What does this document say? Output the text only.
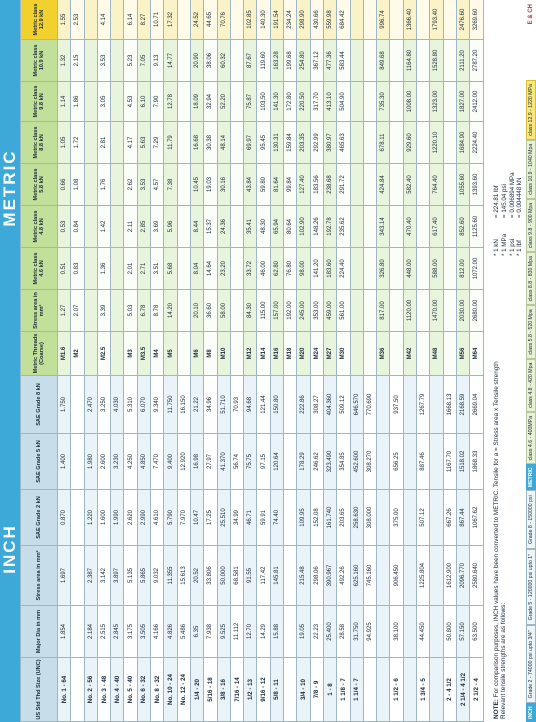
INCH
METRIC
US Std Thd Size (UNC)	Major Dia in mm	Stress area in mm²	SAE Grade 2 kN	SAE Grade 5 kN	SAE Grade 8 kN	Metric Threads (Coarse)	Stress area in mm²	Metric class 4.6 kN	Metric class 4.8 kN	Metric class 5.8 kN	Metric class 8.8 kN	Metric class 9.8 kN	Metric class 10.9 kN	Metric class 12.9 kN
No. 1 - 64	1.854	1.697	0.870	1.400	1.750	M1.6	1.27	0.51	0.53	0.66	1.05	1.14	1.32	1.55
						M2	2.07	0.83	0.84	1.08	1.72	1.86	2.15	2.53
No. 2 - 56	2.184	2.387	1.220	1.980	2.470									
No. 3 - 48	2.515	3.142	1.600	2.600	3.250	M2.5	3.39	1.36	1.42	1.76	2.81	3.05	3.53	4.14
No. 4 - 40	2.845	3.897	1.990	3.230	4.030									
No. 5 - 40	3.175	5.135	2.620	4.250	5.310	M3	5.03	2.01	2.11	2.62	4.17	4.53	5.23	6.14
No. 6 - 32	3.505	5.865	2.990	4.850	6.070	M3.5	6.78	2.71	2.85	3.53	5.63	6.10	7.05	8.27
No. 8 - 32	4.166	9.032	4.610	7.470	9.340	M4	8.78	3.51	3.69	4.57	7.29	7.90	9.13	10.71
No. 10 - 24	4.826	11.355	5.790	9.400	11.750	M5	14.20	5.68	5.96	7.38	11.79	12.78	14.77	17.32
No. 12 - 24	5.486	15.613	7.970	12.920	16.150									
1/4 - 20	6.35	20.52	10.47	16.98	21.22	M6	20.10	8.04	8.44	10.45	16.68	18.09	20.90	24.52
5/16 - 18	7.938	33.806	17.25	27.97	34.96	M8	36.60	14.64	15.37	19.03	30.38	32.94	38.06	44.65
3/8 - 16	9.525	50.000	25.510	41.370	51.710	M10	58.00	23.20	24.36	30.16	48.14	52.20	60.32	70.76
7/16 - 14	11.112	68.581	34.99	56.74	70.93									
1/2 - 13	12.70	91.55	46.71	75.75	94.68	M12	84.30	33.72	35.41	43.84	69.97	75.87	87.67	102.85
9/16 - 12	14.29	117.42	59.91	97.15	121.44	M14	115.00	46.00	48.30	59.80	95.45	103.50	119.60	140.30
5/8 - 11	15.88	145.81	74.40	120.64	150.80	M16	157.00	62.80	65.94	81.64	130.31	141.30	163.28	191.54
						M18	192.00	76.80	80.64	99.84	159.84	172.80	199.68	234.24
3/4 - 10	19.05	215.48	109.95	178.29	222.86	M20	245.00	98.00	102.90	127.40	203.35	220.50	254.80	298.90
7/8 - 9	22.23	298.06	152.08	246.62	308.27	M24	353.00	141.20	148.26	183.56	292.99	317.70	367.12	430.66
1 - 8	25.400	390.967	161.740	323.490	404.360	M27	459.00	183.60	192.78	238.68	380.97	413.10	477.36	559.98
1 1/8 - 7	28.58	492.26	203.65	354.85	509.12	M30	561.00	224.40	235.62	291.72	465.63	504.90	583.44	684.42
1 1/4 - 7	31.750	625.160	258.630	452.600	646.570									
	94.925	745.160	308.000	308.270	770.690									
						M36	817.00	326.80	343.14	424.84	678.11	735.30	849.68	996.74
1 1/2 - 6	38.100	906.450	375.00	656.25	937.50									
						M42	1120.00	448.00	470.40	582.40	929.60	1008.00	1164.80	1366.40
1 3/4 - 5	44.450	1225.804	507.12	887.46	1267.79									
						M48	1470.00	588.00	617.40	764.40	1220.10	1323.00	1528.80	1793.40
2 - 4 1/2	50.800	1612.900	667.26	1167.70	1668.13									
2 1/4 - 4 1/2	57.150	2096.770	867.44	1518.02	2168.59	M56	2030.00	812.00	852.60	1055.60	1684.90	1827.00	2111.20	2476.60
2 1/2 - 4	63.500	2580.640	1067.62	1868.33	2669.04	M64	2680.00	1072.00	1125.60	1393.60	2224.40	2412.00	2787.20	3269.60
NOTE: For comparison purposes, INCH values have been converted to METRIC. Tensile for a = Stress area x Tensile strength Relevant tensile strengths are as follows:
* 1 kN
= 224.81 lbf
* 1 MPa
= 145.04 psi
* 1 psi
= 0.006894 MPa
* 1 lbf
= 0.004448 kN
INCH
Grade 2 - 74000 psi upto 3/4"
Grade 5 - 120000 psi upto 1"
Grade 8 - 150000 psi
METRIC
class 4.6 - 400MPa
class 4.8 - 420 Mpa
class 5.8 - 520 Mpa
class 8.8 - 830 Mpa
class 9.8 - 900 Mpa
class 10.9 - 1040 Mpa
class 12.9 - 1220 MPa
E & CH
